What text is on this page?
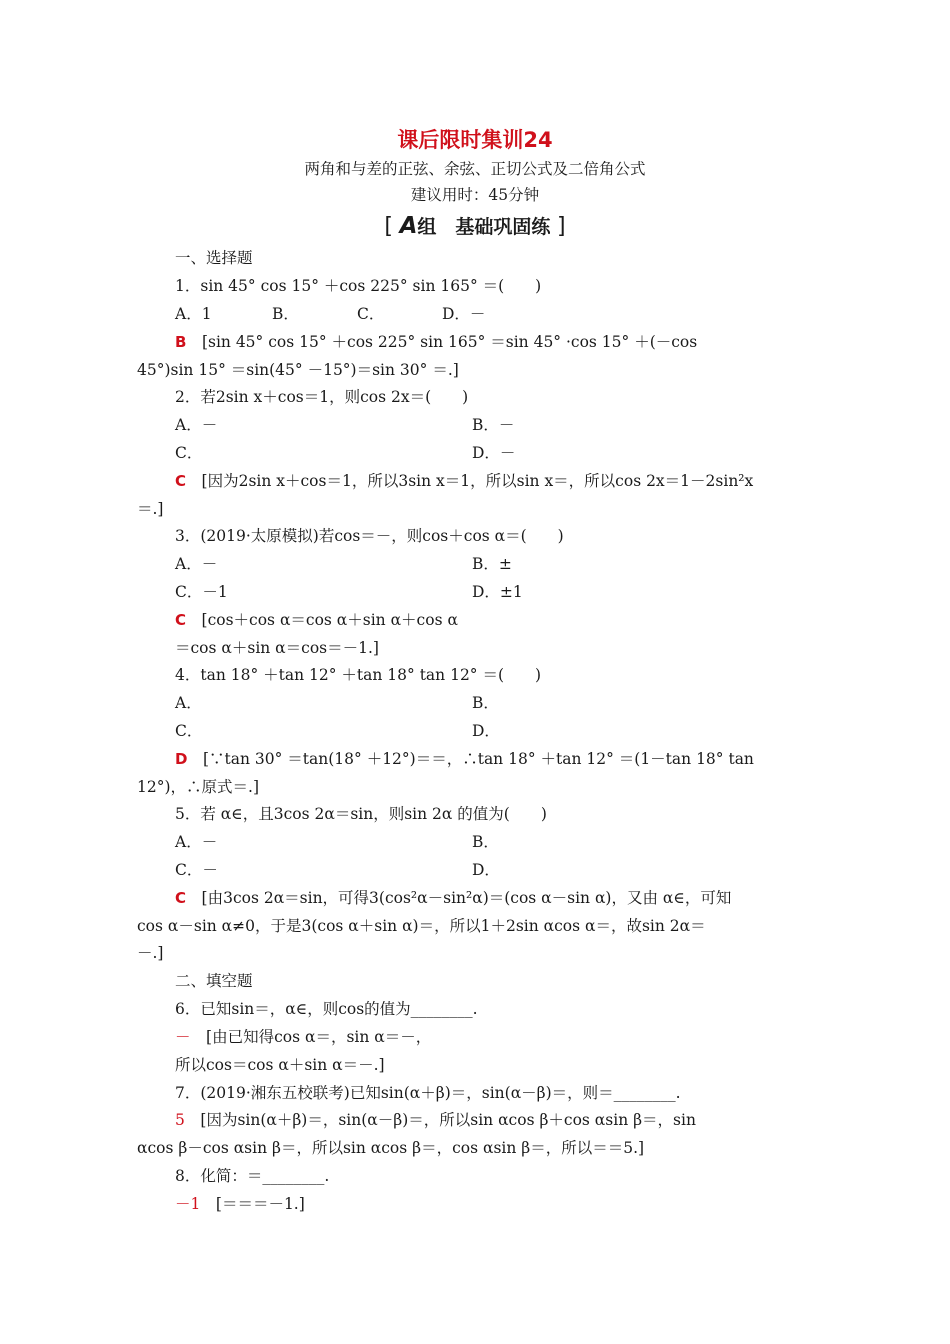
课后限时集训24
两角和与差的正弦、余弦、正切公式及二倍角公式
建议用时：45分钟
[ A组　基础巩固练 ]
一、选择题
1．sin 45° cos 15° ＋cos 225° sin 165° ＝(　　)
A．1	B．	C．	D．－
B　 [sin 45° cos 15° ＋cos 225° sin 165° ＝sin 45° ·cos 15° ＋(－cos
45°)sin 15° ＝sin(45° －15°)＝sin 30° ＝.]
2．若2sin x＋cos＝1，则cos 2x＝(　　)
A．－	B．－
C．	D．－
C　 [因为2sin x＋cos＝1，所以3sin x＝1，所以sin x＝，所以cos 2x＝1－2sin²x
＝.]
3．(2019·太原模拟)若cos＝－，则cos＋cos α＝(　　)
A．－	B．±
C．－1	D．±1
C　 [cos＋cos α＝cos α＋sin α＋cos α
＝cos α＋sin α＝cos＝－1.]
4．tan 18° ＋tan 12° ＋tan 18° tan 12° ＝(　　)
A．	B．
C．	D．
D　 [∵tan 30° ＝tan(18° ＋12°)＝＝，∴tan 18° ＋tan 12° ＝(1－tan 18° tan
12°)，∴原式＝.]
5．若 α∈，且3cos 2α＝sin，则sin 2α 的值为(　　)
A．－	B．
C．－	D．
C　 [由3cos 2α＝sin，可得3(cos²α－sin²α)＝(cos α－sin α)，又由 α∈，可知
cos α－sin α≠0，于是3(cos α＋sin α)＝，所以1＋2sin αcos α＝，故sin 2α＝
－.]
二、填空题
6．已知sin＝，α∈，则cos的值为________.
－　 [由已知得cos α＝，sin α＝－，
所以cos＝cos α＋sin α＝－.]
7．(2019·湘东五校联考)已知sin(α＋β)＝，sin(α－β)＝，则＝________.
5　 [因为sin(α＋β)＝，sin(α－β)＝，所以sin αcos β＋cos αsin β＝，sin
αcos β－cos αsin β＝，所以sin αcos β＝，cos αsin β＝，所以＝＝5.]
8．化简：＝________.
－1　 [＝＝＝－1.]
